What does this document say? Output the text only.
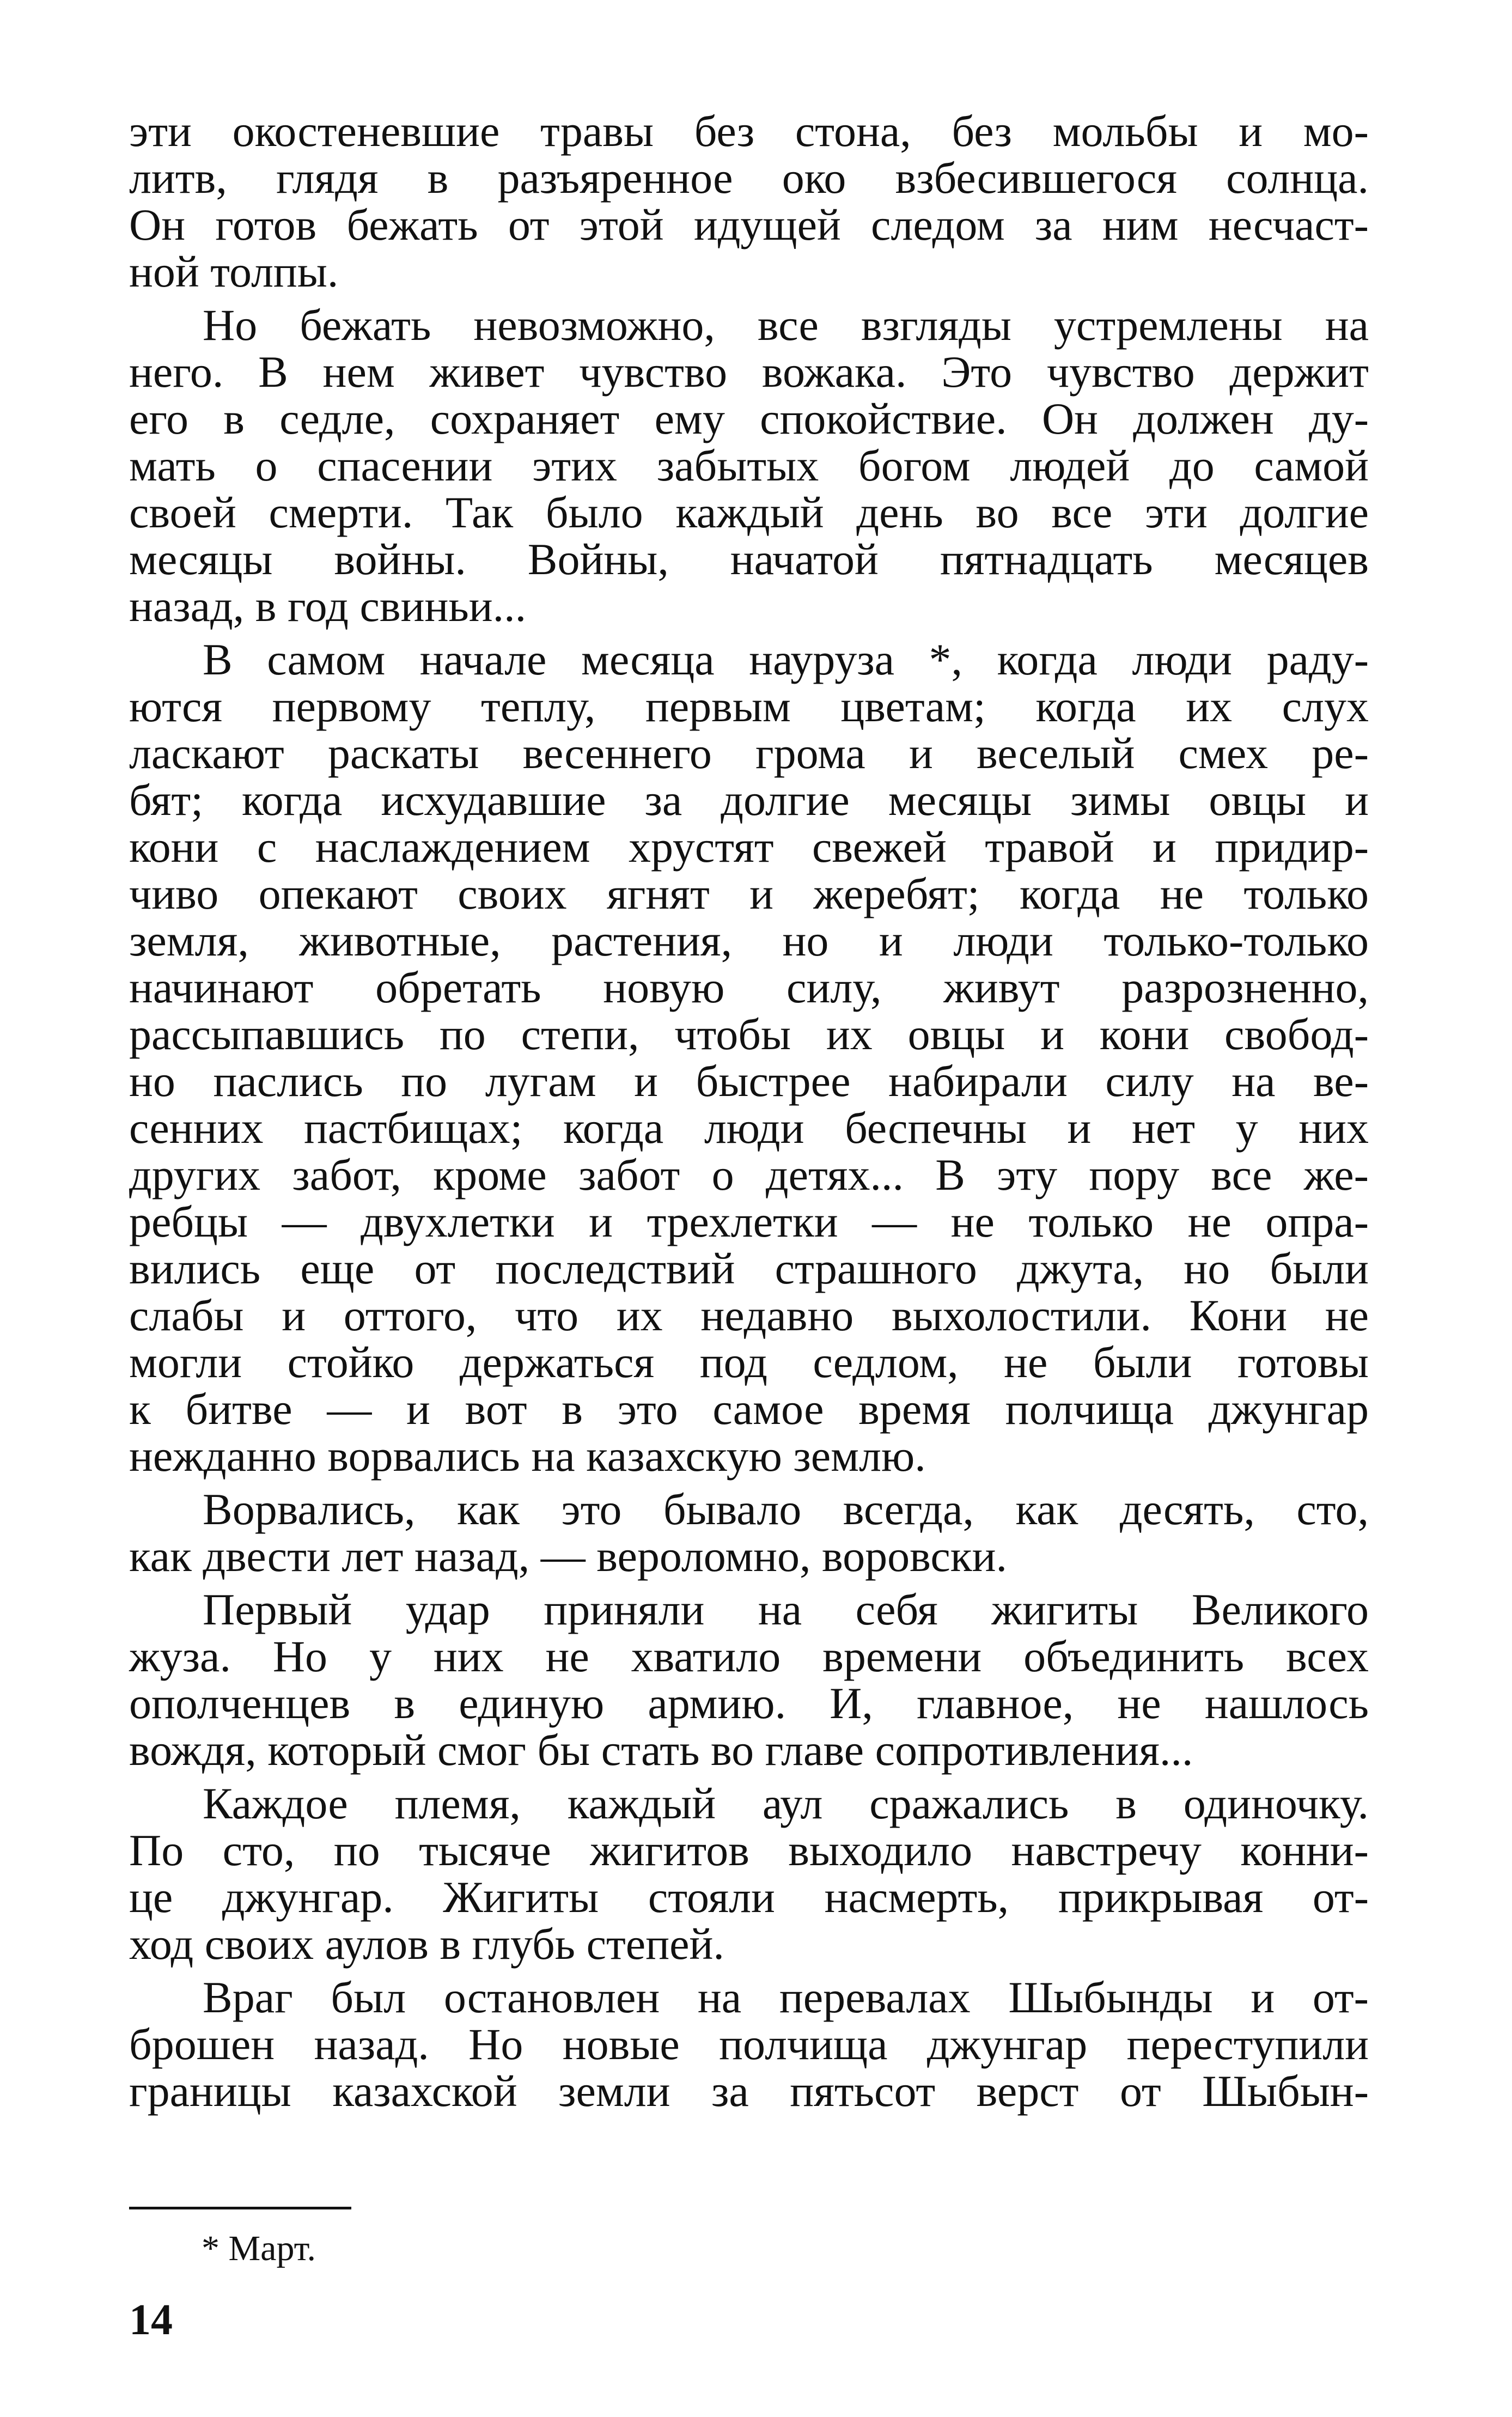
эти окостеневшие травы без стона, без мольбы и мо-
литв, глядя в разъяренное око взбесившегося солнца.
Он готов бежать от этой идущей следом за ним несчаст-
ной толпы.
Но бежать невозможно, все взгляды устремлены на
него. В нем живет чувство вожака. Это чувство держит
его в седле, сохраняет ему спокойствие. Он должен ду-
мать о спасении этих забытых богом людей до самой
своей смерти. Так было каждый день во все эти долгие
месяцы войны. Войны, начатой пятнадцать месяцев
назад, в год свиньи...
В самом начале месяца науруза *, когда люди раду-
ются первому теплу, первым цветам; когда их слух
ласкают раскаты весеннего грома и веселый смех ре-
бят; когда исхудавшие за долгие месяцы зимы овцы и
кони с наслаждением хрустят свежей травой и придир-
чиво опекают своих ягнят и жеребят; когда не только
земля, животные, растения, но и люди только-только
начинают обретать новую силу, живут разрозненно,
рассыпавшись по степи, чтобы их овцы и кони свобод-
но паслись по лугам и быстрее набирали силу на ве-
сенних пастбищах; когда люди беспечны и нет у них
других забот, кроме забот о детях... В эту пору все же-
ребцы — двухлетки и трехлетки — не только не опра-
вились еще от последствий страшного джута, но были
слабы и оттого, что их недавно выхолостили. Кони не
могли стойко держаться под седлом, не были готовы
к битве — и вот в это самое время полчища джунгар
нежданно ворвались на казахскую землю.
Ворвались, как это бывало всегда, как десять, сто,
как двести лет назад, — вероломно, воровски.
Первый удар приняли на себя жигиты Великого
жуза. Но у них не хватило времени объединить всех
ополченцев в единую армию. И, главное, не нашлось
вождя, который смог бы стать во главе сопротивления...
Каждое племя, каждый аул сражались в одиночку.
По сто, по тысяче жигитов выходило навстречу конни-
це джунгар. Жигиты стояли насмерть, прикрывая от-
ход своих аулов в глубь степей.
Враг был остановлен на перевалах Шыбынды и от-
брошен назад. Но новые полчища джунгар переступили
границы казахской земли за пятьсот верст от Шыбын-
* Март.
14
